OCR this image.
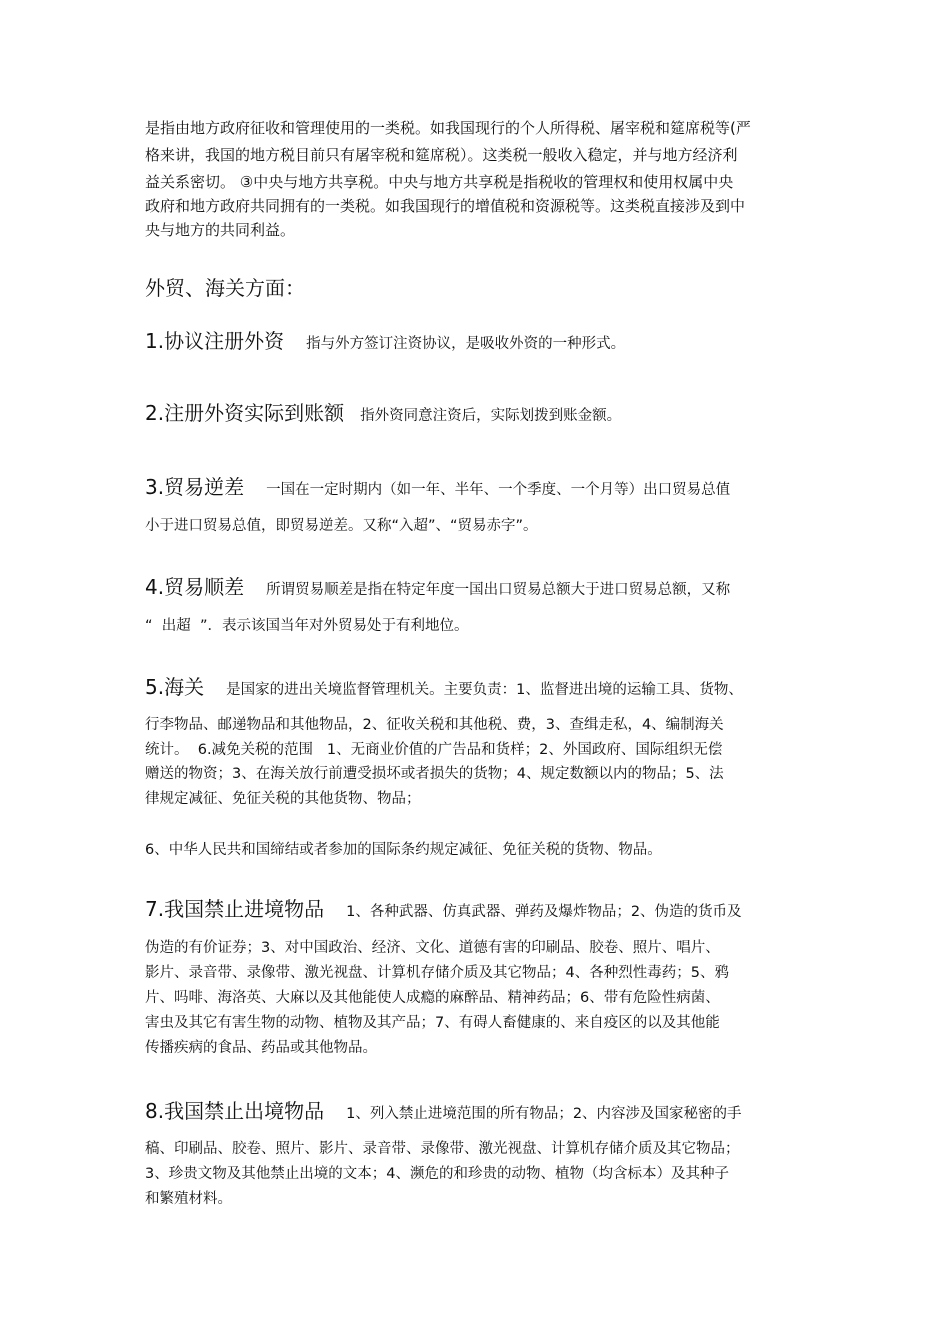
是指由地方政府征收和管理使用的一类税。如我国现行的个人所得税、屠宰税和筵席税等(严

格来讲，我国的地方税目前只有屠宰税和筵席税）。这类税一般收入稳定，并与地方经济利

益关系密切。 ③中央与地方共享税。中央与地方共享税是指税收的管理权和使用权属中央

政府和地方政府共同拥有的一类税。如我国现行的增值税和资源税等。这类税直接涉及到中

央与地方的共同利益。

外贸、海关方面：

1.协议注册外资 指与外方签订注资协议，是吸收外资的一种形式。

2.注册外资实际到账额 指外资同意注资后，实际划拨到账金额。

3.贸易逆差 一国在一定时期内（如一年、半年、一个季度、一个月等）出口贸易总值

小于进口贸易总值，即贸易逆差。又称“入超”、“贸易赤字”。

4.贸易顺差 所谓贸易顺差是指在特定年度一国出口贸易总额大于进口贸易总额，又称

“  出超  ”．表示该国当年对外贸易处于有利地位。

5.海关 是国家的进出关境监督管理机关。主要负责：1、监督进出境的运输工具、货物、

行李物品、邮递物品和其他物品，2、征收关税和其他税、费，3、查缉走私，4、编制海关

统计。  6.减免关税的范围   1、无商业价值的广告品和货样；2、外国政府、国际组织无偿

赠送的物资；3、在海关放行前遭受损坏或者损失的货物；4、规定数额以内的物品；5、法

律规定减征、免征关税的其他货物、物品；

6、中华人民共和国缔结或者参加的国际条约规定减征、免征关税的货物、物品。

7.我国禁止进境物品 1、各种武器、仿真武器、弹药及爆炸物品；2、伪造的货币及

伪造的有价证券；3、对中国政治、经济、文化、道德有害的印刷品、胶卷、照片、唱片、

影片、录音带、录像带、激光视盘、计算机存储介质及其它物品；4、各种烈性毒药；5、鸦

片、吗啡、海洛英、大麻以及其他能使人成瘾的麻醉品、精神药品；6、带有危险性病菌、

害虫及其它有害生物的动物、植物及其产品；7、有碍人畜健康的、来自疫区的以及其他能

传播疾病的食品、药品或其他物品。

8.我国禁止出境物品 1、列入禁止进境范围的所有物品；2、内容涉及国家秘密的手

稿、印刷品、胶卷、照片、影片、录音带、录像带、激光视盘、计算机存储介质及其它物品；

3、珍贵文物及其他禁止出境的文本；4、濒危的和珍贵的动物、植物（均含标本）及其种子

和繁殖材料。
